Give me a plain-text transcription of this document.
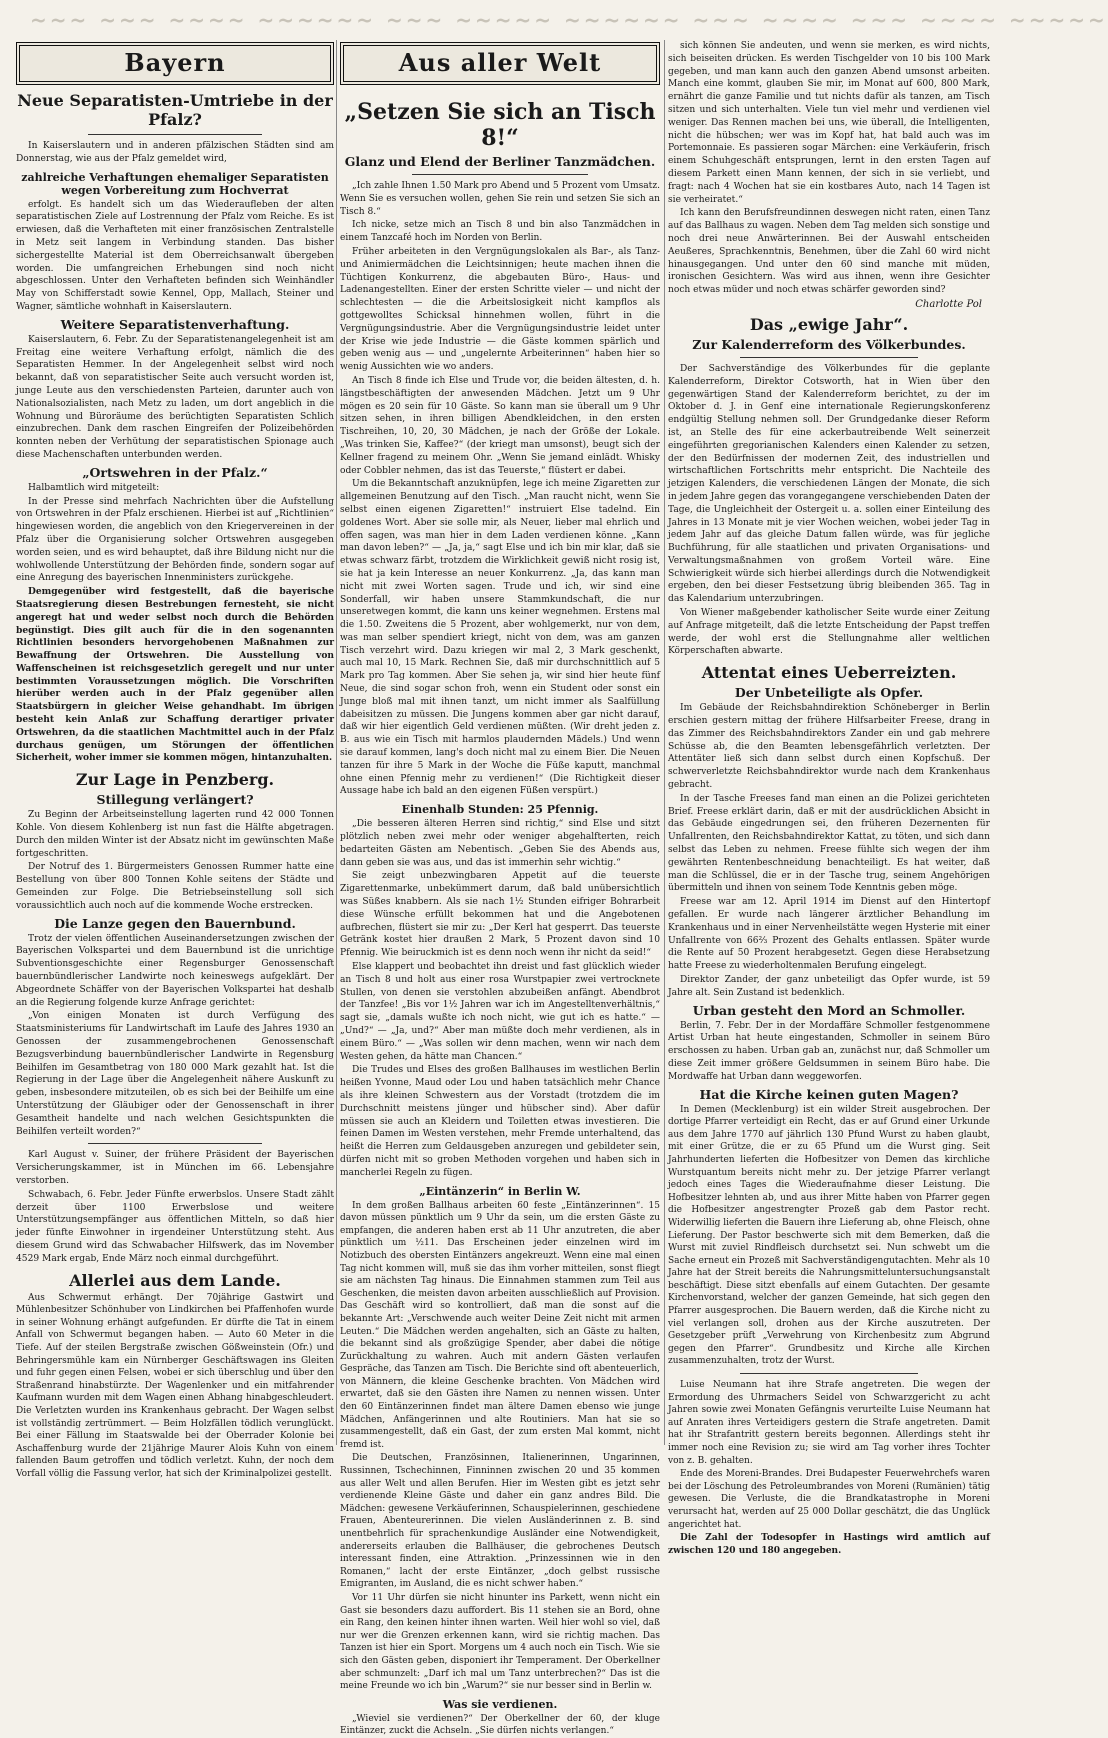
~~~ ~~~ ~~~~ ~~~~~~ ~~~ ~~~~~ ~~~~~~ ~~~ ~~~~ ~~~ ~~~~ ~~~~~
Bayern
Neue Separatisten-Umtriebe in der Pfalz?

In Kaiserslautern und in anderen pfälzischen Städten sind am Donnerstag, wie aus der Pfalz gemeldet wird,

zahlreiche Verhaftungen ehemaliger Separatisten wegen Vorbereitung zum Hochverrat

erfolgt. Es handelt sich um das Wiederaufleben der alten separatistischen Ziele auf Lostrennung der Pfalz vom Reiche. Es ist erwiesen, daß die Verhafteten mit einer französischen Zentralstelle in Metz seit langem in Verbindung standen. Das bisher sichergestellte Material ist dem Oberreichsanwalt übergeben worden. Die umfangreichen Erhebungen sind noch nicht abgeschlossen. Unter den Verhafteten befinden sich Weinhändler May von Schifferstadt sowie Kennel, Opp, Mallach, Steiner und Wagner, sämtliche wohnhaft in Kaiserslautern.

Weitere Separatistenverhaftung.

Kaiserslautern, 6. Febr. Zu der Separatistenangelegenheit ist am Freitag eine weitere Verhaftung erfolgt, nämlich die des Separatisten Hemmer. In der Angelegenheit selbst wird noch bekannt, daß von separatistischer Seite auch versucht worden ist, junge Leute aus den verschiedensten Parteien, darunter auch von Nationalsozialisten, nach Metz zu laden, um dort angeblich in die Wohnung und Büroräume des berüchtigten Separatisten Schlich einzubrechen. Dank dem raschen Eingreifen der Polizeibehörden konnten neben der Verhütung der separatistischen Spionage auch diese Machenschaften unterbunden werden.

„Ortswehren in der Pfalz.“

Halbamtlich wird mitgeteilt:

In der Presse sind mehrfach Nachrichten über die Aufstellung von Ortswehren in der Pfalz erschienen. Hierbei ist auf „Richtlinien“ hingewiesen worden, die angeblich von den Kriegervereinen in der Pfalz über die Organisierung solcher Ortswehren ausgegeben worden seien, und es wird behauptet, daß ihre Bildung nicht nur die wohlwollende Unterstützung der Behörden finde, sondern sogar auf eine Anregung des bayerischen Innenministers zurückgehe.

Demgegenüber wird festgestellt, daß die bayerische Staatsregierung diesen Bestrebungen fernesteht, sie nicht angeregt hat und weder selbst noch durch die Behörden begünstigt. Dies gilt auch für die in den sogenannten Richtlinien besonders hervorgehobenen Maßnahmen zur Bewaffnung der Ortswehren. Die Ausstellung von Waffenscheinen ist reichsgesetzlich geregelt und nur unter bestimmten Voraussetzungen möglich. Die Vorschriften hierüber werden auch in der Pfalz gegenüber allen Staatsbürgern in gleicher Weise gehandhabt. Im übrigen besteht kein Anlaß zur Schaffung derartiger privater Ortswehren, da die staatlichen Machtmittel auch in der Pfalz durchaus genügen, um Störungen der öffentlichen Sicherheit, woher immer sie kommen mögen, hintanzuhalten.

Zur Lage in Penzberg.
Stillegung verlängert?

Zu Beginn der Arbeitseinstellung lagerten rund 42 000 Tonnen Kohle. Von diesem Kohlenberg ist nun fast die Hälfte abgetragen. Durch den milden Winter ist der Absatz nicht im gewünschten Maße fortgeschritten.

Der Notruf des 1. Bürgermeisters Genossen Rummer hatte eine Bestellung von über 800 Tonnen Kohle seitens der Städte und Gemeinden zur Folge. Die Betriebseinstellung soll sich voraussichtlich auch noch auf die kommende Woche erstrecken.

Die Lanze gegen den Bauernbund.

Trotz der vielen öffentlichen Auseinandersetzungen zwischen der Bayerischen Volkspartei und dem Bauernbund ist die unrichtige Subventionsgeschichte einer Regensburger Genossenschaft bauernbündlerischer Landwirte noch keineswegs aufgeklärt. Der Abgeordnete Schäffer von der Bayerischen Volkspartei hat deshalb an die Regierung folgende kurze Anfrage gerichtet:

„Von einigen Monaten ist durch Verfügung des Staatsministeriums für Landwirtschaft im Laufe des Jahres 1930 an Genossen der zusammengebrochenen Genossenschaft Bezugsverbindung bauernbündlerischer Landwirte in Regensburg Beihilfen im Gesamtbetrag von 180 000 Mark gezahlt hat. Ist die Regierung in der Lage über die Angelegenheit nähere Auskunft zu geben, insbesondere mitzuteilen, ob es sich bei der Beihilfe um eine Unterstützung der Gläubiger oder der Genossenschaft in ihrer Gesamtheit handelte und nach welchen Gesichtspunkten die Beihilfen verteilt worden?“

Karl August v. Suiner, der frühere Präsident der Bayerischen Versicherungskammer, ist in München im 66. Lebensjahre verstorben.

Schwabach, 6. Febr. Jeder Fünfte erwerbslos. Unsere Stadt zählt derzeit über 1100 Erwerbslose und weitere Unterstützungsempfänger aus öffentlichen Mitteln, so daß hier jeder fünfte Einwohner in irgendeiner Unterstützung steht. Aus diesem Grund wird das Schwabacher Hilfswerk, das im November 4529 Mark ergab, Ende März noch einmal durchgeführt.

Allerlei aus dem Lande.

Aus Schwermut erhängt. Der 70jährige Gastwirt und Mühlenbesitzer Schönhuber von Lindkirchen bei Pfaffenhofen wurde in seiner Wohnung erhängt aufgefunden. Er dürfte die Tat in einem Anfall von Schwermut begangen haben. — Auto 60 Meter in die Tiefe. Auf der steilen Bergstraße zwischen Gößweinstein (Ofr.) und Behringersmühle kam ein Nürnberger Geschäftswagen ins Gleiten und fuhr gegen einen Felsen, wobei er sich überschlug und über den Straßenrand hinabstürzte. Der Wagenlenker und ein mitfahrender Kaufmann wurden mit dem Wagen einen Abhang hinabgeschleudert. Die Verletzten wurden ins Krankenhaus gebracht. Der Wagen selbst ist vollständig zertrümmert. — Beim Holzfällen tödlich verunglückt. Bei einer Fällung im Staatswalde bei der Oberrader Kolonie bei Aschaffenburg wurde der 21jährige Maurer Alois Kuhn von einem fallenden Baum getroffen und tödlich verletzt. Kuhn, der noch dem Vorfall völlig die Fassung verlor, hat sich der Kriminalpolizei gestellt.

Aus aller Welt
„Setzen Sie sich an Tisch 8!“
Glanz und Elend der Berliner Tanzmädchen.

„Ich zahle Ihnen 1.50 Mark pro Abend und 5 Prozent vom Umsatz. Wenn Sie es versuchen wollen, gehen Sie rein und setzen Sie sich an Tisch 8.“

Ich nicke, setze mich an Tisch 8 und bin also Tanzmädchen in einem Tanzcafé hoch im Norden von Berlin.

Früher arbeiteten in den Vergnügungslokalen als Bar-, als Tanz- und Animiermädchen die Leichtsinnigen; heute machen ihnen die Tüchtigen Konkurrenz, die abgebauten Büro-, Haus- und Ladenangestellten. Einer der ersten Schritte vieler — und nicht der schlechtesten — die die Arbeitslosigkeit nicht kampflos als gottgewolltes Schicksal hinnehmen wollen, führt in die Vergnügungsindustrie. Aber die Vergnügungsindustrie leidet unter der Krise wie jede Industrie — die Gäste kommen spärlich und geben wenig aus — und „ungelernte Arbeiterinnen“ haben hier so wenig Aussichten wie wo anders.

An Tisch 8 finde ich Else und Trude vor, die beiden ältesten, d. h. längstbeschäftigten der anwesenden Mädchen. Jetzt um 9 Uhr mögen es 20 sein für 10 Gäste. So kann man sie überall um 9 Uhr sitzen sehen, in ihren billigen Abendkleidchen, in den ersten Tischreihen, 10, 20, 30 Mädchen, je nach der Größe der Lokale. „Was trinken Sie, Kaffee?“ (der kriegt man umsonst), beugt sich der Kellner fragend zu meinem Ohr. „Wenn Sie jemand einlädt. Whisky oder Cobbler nehmen, das ist das Teuerste,“ flüstert er dabei.

Um die Bekanntschaft anzuknüpfen, lege ich meine Zigaretten zur allgemeinen Benutzung auf den Tisch. „Man raucht nicht, wenn Sie selbst einen eigenen Zigaretten!“ instruiert Else tadelnd. Ein goldenes Wort. Aber sie solle mir, als Neuer, lieber mal ehrlich und offen sagen, was man hier in dem Laden verdienen könne. „Kann man davon leben?“ — „Ja, ja,“ sagt Else und ich bin mir klar, daß sie etwas schwarz färbt, trotzdem die Wirklichkeit gewiß nicht rosig ist, sie hat ja kein Interesse an neuer Konkurrenz. „Ja, das kann man nicht mit zwei Worten sagen. Trude und ich, wir sind eine Sonderfall, wir haben unsere Stammkundschaft, die nur unseretwegen kommt, die kann uns keiner wegnehmen. Erstens mal die 1.50. Zweitens die 5 Prozent, aber wohlgemerkt, nur von dem, was man selber spendiert kriegt, nicht von dem, was am ganzen Tisch verzehrt wird. Dazu kriegen wir mal 2, 3 Mark geschenkt, auch mal 10, 15 Mark. Rechnen Sie, daß mir durchschnittlich auf 5 Mark pro Tag kommen. Aber Sie sehen ja, wir sind hier heute fünf Neue, die sind sogar schon froh, wenn ein Student oder sonst ein Junge bloß mal mit ihnen tanzt, um nicht immer als Saalfüllung dabeisitzen zu müssen. Die Jungens kommen aber gar nicht darauf, daß wir hier eigentlich Geld verdienen müßten. (Wir dreht jeden z. B. aus wie ein Tisch mit harmlos plaudernden Mädels.) Und wenn sie darauf kommen, lang's doch nicht mal zu einem Bier. Die Neuen tanzen für ihre 5 Mark in der Woche die Füße kaputt, manchmal ohne einen Pfennig mehr zu verdienen!“ (Die Richtigkeit dieser Aussage habe ich bald an den eigenen Füßen verspürt.)

Einenhalb Stunden: 25 Pfennig.

„Die besseren älteren Herren sind richtig,“ sind Else und sitzt plötzlich neben zwei mehr oder weniger abgehalfterten, reich bedarteiten Gästen am Nebentisch. „Geben Sie des Abends aus, dann geben sie was aus, und das ist immerhin sehr wichtig.“

Sie zeigt unbezwingbaren Appetit auf die teuerste Zigarettenmarke, unbekümmert darum, daß bald unübersichtlich was Süßes knabbern. Als sie nach 1½ Stunden eifriger Bohrarbeit diese Wünsche erfüllt bekommen hat und die Angebotenen aufbrechen, flüstert sie mir zu: „Der Kerl hat gesperrt. Das teuerste Getränk kostet hier draußen 2 Mark, 5 Prozent davon sind 10 Pfennig. Wie beiruckmich ist es denn noch wenn ihr nicht da seid!“

Else klappert und beobachtet ihn dreist und fast glücklich wieder an Tisch 8 und holt aus einer rosa Wurstpapier zwei vertrocknete Stullen, von denen sie verstohlen abzubeißen anfängt. Abendbrot der Tanzfee! „Bis vor 1½ Jahren war ich im Angestelltenverhältnis,“ sagt sie, „damals wußte ich noch nicht, wie gut ich es hatte.“ — „Und?“ — „Ja, und?“ Aber man müßte doch mehr verdienen, als in einem Büro.“ — „Was sollen wir denn machen, wenn wir nach dem Westen gehen, da hätte man Chancen.“

Die Trudes und Elses des großen Ballhauses im westlichen Berlin heißen Yvonne, Maud oder Lou und haben tatsächlich mehr Chance als ihre kleinen Schwestern aus der Vorstadt (trotzdem die im Durchschnitt meistens jünger und hübscher sind). Aber dafür müssen sie auch an Kleidern und Toiletten etwas investieren. Die feinen Damen im Westen verstehen, mehr Fremde unterhaltend, das heißt die Herren zum Geldausgeben anzuregen und gebildeter sein, dürfen nicht mit so groben Methoden vorgehen und haben sich in mancherlei Regeln zu fügen.

„Eintänzerin“ in Berlin W.

In dem großen Ballhaus arbeiten 60 feste „Eintänzerinnen“. 15 davon müssen pünktlich um 9 Uhr da sein, um die ersten Gäste zu empfangen, die anderen haben erst ab 11 Uhr anzutreten, die aber pünktlich um ½11. Das Erscheinen jeder einzelnen wird im Notizbuch des obersten Eintänzers angekreuzt. Wenn eine mal einen Tag nicht kommen will, muß sie das ihm vorher mitteilen, sonst fliegt sie am nächsten Tag hinaus. Die Einnahmen stammen zum Teil aus Geschenken, die meisten davon arbeiten ausschließlich auf Provision. Das Geschäft wird so kontrolliert, daß man die sonst auf die bekannte Art: „Verschwende auch weiter Deine Zeit nicht mit armen Leuten.“ Die Mädchen werden angehalten, sich an Gäste zu halten, die bekannt sind als großzügige Spender, aber dabei die nötige Zurückhaltung zu wahren. Auch mit andern Gästen verlaufen Gespräche, das Tanzen am Tisch. Die Berichte sind oft abenteuerlich, von Männern, die kleine Geschenke brachten. Von Mädchen wird erwartet, daß sie den Gästen ihre Namen zu nennen wissen. Unter den 60 Eintänzerinnen findet man ältere Damen ebenso wie junge Mädchen, Anfängerinnen und alte Routiniers. Man hat sie so zusammengestellt, daß ein Gast, der zum ersten Mal kommt, nicht fremd ist.

Die Deutschen, Französinnen, Italienerinnen, Ungarinnen, Russinnen, Tschechinnen, Finninnen zwischen 20 und 35 kommen aus aller Welt und allen Berufen. Hier im Westen gibt es jetzt sehr verdienende Kleine Gäste und daher ein ganz andres Bild. Die Mädchen: gewesene Verkäuferinnen, Schauspielerinnen, geschiedene Frauen, Abenteurerinnen. Die vielen Ausländerinnen z. B. sind unentbehrlich für sprachenkundige Ausländer eine Notwendigkeit, andererseits erlauben die Ballhäuser, die gebrochenes Deutsch interessant finden, eine Attraktion. „Prinzessinnen wie in den Romanen,“ lacht der erste Eintänzer, „doch gelbst russische Emigranten, im Ausland, die es nicht schwer haben.“

Vor 11 Uhr dürfen sie nicht hinunter ins Parkett, wenn nicht ein Gast sie besonders dazu auffordert. Bis 11 stehen sie an Bord, ohne ein Rang, den keinen hinter ihnen warten. Weil hier wohl so viel, daß nur wer die Grenzen erkennen kann, wird sie richtig machen. Das Tanzen ist hier ein Sport. Morgens um 4 auch noch ein Tisch. Wie sie sich den Gästen geben, disponiert ihr Temperament. Der Oberkellner aber schmunzelt: „Darf ich mal um Tanz unterbrechen?“ Das ist die meine Freunde wo ich bin „Warum?“ sie nur besser sind in Berlin w.

Was sie verdienen.

„Wieviel sie verdienen?“ Der Oberkellner der 60, der kluge Eintänzer, zuckt die Achseln. „Sie dürfen nichts verlangen.“

sich können Sie andeuten, und wenn sie merken, es wird nichts, sich beiseiten drücken. Es werden Tischgelder von 10 bis 100 Mark gegeben, und man kann auch den ganzen Abend umsonst arbeiten. Manch eine kommt, glauben Sie mir, im Monat auf 600, 800 Mark, ernährt die ganze Familie und tut nichts dafür als tanzen, am Tisch sitzen und sich unterhalten. Viele tun viel mehr und verdienen viel weniger. Das Rennen machen bei uns, wie überall, die Intelligenten, nicht die hübschen; wer was im Kopf hat, hat bald auch was im Portemonnaie. Es passieren sogar Märchen: eine Verkäuferin, frisch einem Schuhgeschäft entsprungen, lernt in den ersten Tagen auf diesem Parkett einen Mann kennen, der sich in sie verliebt, und fragt: nach 4 Wochen hat sie ein kostbares Auto, nach 14 Tagen ist sie verheiratet.“

Ich kann den Berufsfreundinnen deswegen nicht raten, einen Tanz auf das Ballhaus zu wagen. Neben dem Tag melden sich sonstige und noch drei neue Anwärterinnen. Bei der Auswahl entscheiden Aeußeres, Sprachkenntnis, Benehmen, über die Zahl 60 wird nicht hinausgegangen. Und unter den 60 sind manche mit müden, ironischen Gesichtern. Was wird aus ihnen, wenn ihre Gesichter noch etwas müder und noch etwas schärfer geworden sind?

Charlotte Pol
Das „ewige Jahr“.
Zur Kalenderreform des Völkerbundes.

Der Sachverständige des Völkerbundes für die geplante Kalenderreform, Direktor Cotsworth, hat in Wien über den gegenwärtigen Stand der Kalenderreform berichtet, zu der im Oktober d. J. in Genf eine internationale Regierungskonferenz endgültig Stellung nehmen soll. Der Grundgedanke dieser Reform ist, an Stelle des für eine ackerbautreibende Welt seinerzeit eingeführten gregorianischen Kalenders einen Kalender zu setzen, der den Bedürfnissen der modernen Zeit, des industriellen und wirtschaftlichen Fortschritts mehr entspricht. Die Nachteile des jetzigen Kalenders, die verschiedenen Längen der Monate, die sich in jedem Jahre gegen das vorangegangene verschiebenden Daten der Tage, die Ungleichheit der Ostergeit u. a. sollen einer Einteilung des Jahres in 13 Monate mit je vier Wochen weichen, wobei jeder Tag in jedem Jahr auf das gleiche Datum fallen würde, was für jegliche Buchführung, für alle staatlichen und privaten Organisations- und Verwaltungsmaßnahmen von großem Vorteil wäre. Eine Schwierigkeit würde sich hierbei allerdings durch die Notwendigkeit ergeben, den bei dieser Festsetzung übrig bleibenden 365. Tag in das Kalendarium unterzubringen.

Von Wiener maßgebender katholischer Seite wurde einer Zeitung auf Anfrage mitgeteilt, daß die letzte Entscheidung der Papst treffen werde, der wohl erst die Stellungnahme aller weltlichen Körperschaften abwarte.

Attentat eines Ueberreizten.
Der Unbeteiligte als Opfer.

Im Gebäude der Reichsbahndirektion Schöneberger in Berlin erschien gestern mittag der frühere Hilfsarbeiter Freese, drang in das Zimmer des Reichsbahndirektors Zander ein und gab mehrere Schüsse ab, die den Beamten lebensgefährlich verletzten. Der Attentäter ließ sich dann selbst durch einen Kopfschuß. Der schwerverletzte Reichsbahndirektor wurde nach dem Krankenhaus gebracht.

In der Tasche Freeses fand man einen an die Polizei gerichteten Brief. Freese erklärt darin, daß er mit der ausdrücklichen Absicht in das Gebäude eingedrungen sei, den früheren Dezernenten für Unfallrenten, den Reichsbahndirektor Kattat, zu töten, und sich dann selbst das Leben zu nehmen. Freese fühlte sich wegen der ihm gewährten Rentenbeschneidung benachteiligt. Es hat weiter, daß man die Schlüssel, die er in der Tasche trug, seinem Angehörigen übermitteln und ihnen von seinem Tode Kenntnis geben möge.

Freese war am 12. April 1914 im Dienst auf den Hintertopf gefallen. Er wurde nach längerer ärztlicher Behandlung im Krankenhaus und in einer Nervenheilstätte wegen Hysterie mit einer Unfallrente von 66⅔ Prozent des Gehalts entlassen. Später wurde die Rente auf 50 Prozent herabgesetzt. Gegen diese Herabsetzung hatte Freese zu wiederholtenmalen Berufung eingelegt.

Direktor Zander, der ganz unbeteiligt das Opfer wurde, ist 59 Jahre alt. Sein Zustand ist bedenklich.

Urban gesteht den Mord an Schmoller.

Berlin, 7. Febr. Der in der Mordaffäre Schmoller festgenommene Artist Urban hat heute eingestanden, Schmoller in seinem Büro erschossen zu haben. Urban gab an, zunächst nur, daß Schmoller um diese Zeit immer größere Geldsummen in seinem Büro habe. Die Mordwaffe hat Urban dann weggeworfen.

Hat die Kirche keinen guten Magen?

In Demen (Mecklenburg) ist ein wilder Streit ausgebrochen. Der dortige Pfarrer verteidigt ein Recht, das er auf Grund einer Urkunde aus dem Jahre 1770 auf jährlich 130 Pfund Wurst zu haben glaubt, mit einer Grütze, die er zu 65 Pfund um die Wurst ging. Seit Jahrhunderten lieferten die Hofbesitzer von Demen das kirchliche Wurstquantum bereits nicht mehr zu. Der jetzige Pfarrer verlangt jedoch eines Tages die Wiederaufnahme dieser Leistung. Die Hofbesitzer lehnten ab, und aus ihrer Mitte haben von Pfarrer gegen die Hofbesitzer angestrengter Prozeß gab dem Pastor recht. Widerwillig lieferten die Bauern ihre Lieferung ab, ohne Fleisch, ohne Lieferung. Der Pastor beschwerte sich mit dem Bemerken, daß die Wurst mit zuviel Rindfleisch durchsetzt sei. Nun schwebt um die Sache erneut ein Prozeß mit Sachverständigengutachten. Mehr als 10 Jahre hat der Streit bereits die Nahrungsmitteluntersuchungsanstalt beschäftigt. Diese sitzt ebenfalls auf einem Gutachten. Der gesamte Kirchenvorstand, welcher der ganzen Gemeinde, hat sich gegen den Pfarrer ausgesprochen. Die Bauern werden, daß die Kirche nicht zu viel verlangen soll, drohen aus der Kirche auszutreten. Der Gesetzgeber prüft „Verwehrung von Kirchenbesitz zum Abgrund gegen den Pfarrer“. Grundbesitz und Kirche alle Kirchen zusammenzuhalten, trotz der Wurst.

Luise Neumann hat ihre Strafe angetreten. Die wegen der Ermordung des Uhrmachers Seidel von Schwarzgericht zu acht Jahren sowie zwei Monaten Gefängnis verurteilte Luise Neumann hat auf Anraten ihres Verteidigers gestern die Strafe angetreten. Damit hat ihr Strafantritt gestern bereits begonnen. Allerdings steht ihr immer noch eine Revision zu; sie wird am Tag vorher ihres Tochter von z. B. gehalten.

Ende des Moreni-Brandes. Drei Budapester Feuerwehrchefs waren bei der Löschung des Petroleumbrandes von Moreni (Rumänien) tätig gewesen. Die Verluste, die die Brandkatastrophe in Moreni verursacht hat, werden auf 25 000 Dollar geschätzt, die das Unglück angerichtet hat.

Die Zahl der Todesopfer in Hastings wird amtlich auf zwischen 120 und 180 angegeben.
